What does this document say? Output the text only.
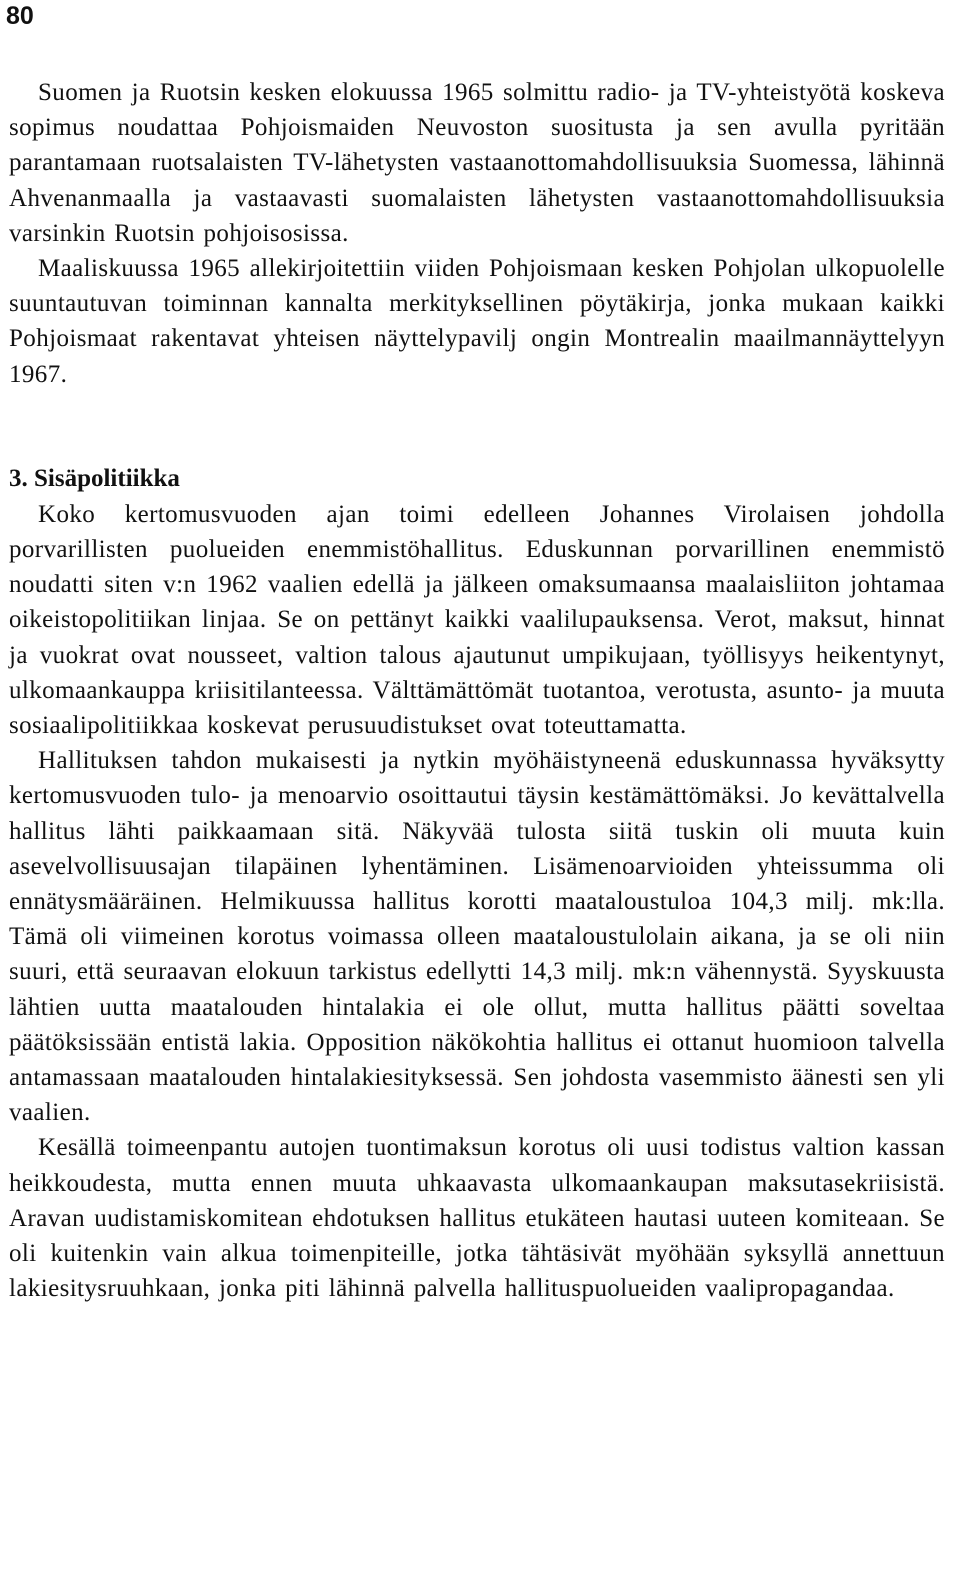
80

Suomen ja Ruotsin kesken elokuussa 1965 solmittu radio- ja TV-yhteistyötä koskeva sopimus noudattaa Pohjoismaiden Neuvoston suositusta ja sen avulla pyritään parantamaan ruotsalaisten TV-lähetysten vastaanottomahdollisuuksia Suomessa, lähinnä Ahvenanmaalla ja vastaavasti suomalaisten lähetysten vastaanottomahdollisuuksia varsinkin Ruotsin pohjoisosissa.

Maaliskuussa 1965 allekirjoitettiin viiden Pohjoismaan kesken Pohjolan ulkopuolelle suuntautuvan toiminnan kannalta merkityksellinen pöytäkirja, jonka mukaan kaikki Pohjoismaat rakentavat yhteisen näyttelypavilj ongin Montrealin maailmannäyttelyyn 1967.

3. Sisäpolitiikka

Koko kertomusvuoden ajan toimi edelleen Johannes Virolaisen johdolla porvarillisten puolueiden enemmistöhallitus. Eduskunnan porvarillinen enemmistö noudatti siten v:n 1962 vaalien edellä ja jälkeen omaksumaansa maalaisliiton johtamaa oikeistopolitiikan linjaa. Se on pettänyt kaikki vaalilupauksensa. Verot, maksut, hinnat ja vuokrat ovat nousseet, valtion talous ajautunut umpikujaan, työllisyys heikentynyt, ulkomaankauppa kriisitilanteessa. Välttämättömät tuotantoa, verotusta, asunto- ja muuta sosiaalipolitiikkaa koskevat perusuudistukset ovat toteuttamatta.

Hallituksen tahdon mukaisesti ja nytkin myöhäistyneenä eduskunnassa hyväksytty kertomusvuoden tulo- ja menoarvio osoittautui täysin kestämättömäksi. Jo kevättalvella hallitus lähti paikkaamaan sitä. Näkyvää tulosta siitä tuskin oli muuta kuin asevelvollisuusajan tilapäinen lyhentäminen. Lisämenoarvioiden yhteissumma oli ennätysmääräinen. Helmikuussa hallitus korotti maataloustuloa 104,3 milj. mk:lla. Tämä oli viimeinen korotus voimassa olleen maataloustulolain aikana, ja se oli niin suuri, että seuraavan elokuun tarkistus edellytti 14,3 milj. mk:n vähennystä. Syyskuusta lähtien uutta maatalouden hintalakia ei ole ollut, mutta hallitus päätti soveltaa päätöksissään entistä lakia. Opposition näkökohtia hallitus ei ottanut huomioon talvella antamassaan maatalouden hintalakiesityksessä. Sen johdosta vasemmisto äänesti sen yli vaalien.

Kesällä toimeenpantu autojen tuontimaksun korotus oli uusi todistus valtion kassan heikkoudesta, mutta ennen muuta uhkaavasta ulkomaankaupan maksutasekriisistä. Aravan uudistamiskomitean ehdotuksen hallitus etukäteen hautasi uuteen komiteaan. Se oli kuitenkin vain alkua toimenpiteille, jotka tähtäsivät myöhään syksyllä annettuun lakiesitysruuhkaan, jonka piti lähinnä palvella hallituspuolueiden vaalipropagandaa.
